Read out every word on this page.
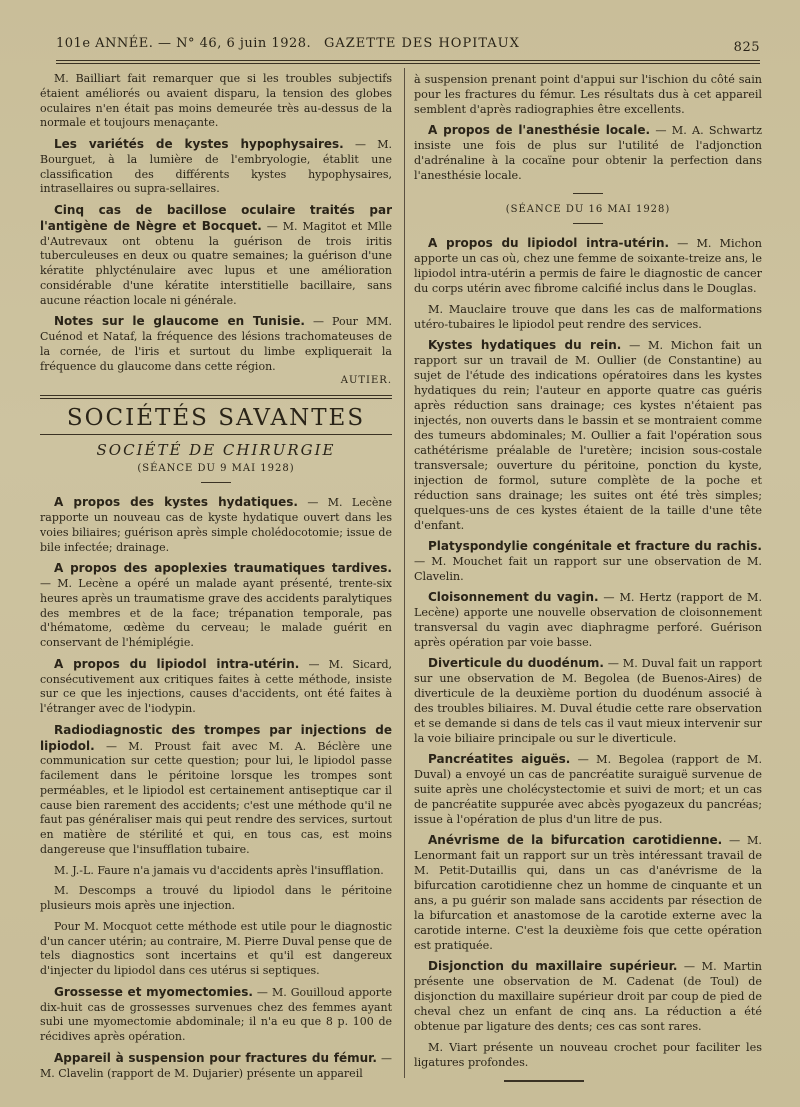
101e ANNÉE. — N° 46, 6 juin 1928. GAZETTE DES HOPITAUX	825

M. Bailliart fait remarquer que si les troubles subjectifs étaient améliorés ou avaient disparu, la tension des globes oculaires n'en était pas moins demeurée très au-dessus de la normale et toujours menaçante.

Les variétés de kystes hypophysaires. — M. Bourguet, à la lumière de l'embryologie, établit une classification des différents kystes hypophysaires, intrasellaires ou supra-sellaires.

Cinq cas de bacillose oculaire traités par l'antigène de Nègre et Bocquet. — M. Magitot et Mlle d'Autrevaux ont obtenu la guérison de trois iritis tuberculeuses en deux ou quatre semaines; la guérison d'une kératite phlycténulaire avec lupus et une amélioration considérable d'une kératite interstitielle bacillaire, sans aucune réaction locale ni générale.

Notes sur le glaucome en Tunisie. — Pour MM. Cuénod et Nataf, la fréquence des lésions trachomateuses de la cornée, de l'iris et surtout du limbe expliquerait la fréquence du glaucome dans cette région.

AUTIER.
SOCIÉTÉS SAVANTES
SOCIÉTÉ DE CHIRURGIE
(SÉANCE DU 9 MAI 1928)

A propos des kystes hydatiques. — M. Lecène rapporte un nouveau cas de kyste hydatique ouvert dans les voies biliaires; guérison après simple cholédocotomie; issue de bile infectée; drainage.

A propos des apoplexies traumatiques tardives. — M. Lecène a opéré un malade ayant présenté, trente-six heures après un traumatisme grave des accidents paralytiques des membres et de la face; trépanation temporale, pas d'hématome, œdème du cerveau; le malade guérit en conservant de l'hémiplégie.

A propos du lipiodol intra-utérin. — M. Sicard, consécutivement aux critiques faites à cette méthode, insiste sur ce que les injections, causes d'accidents, ont été faites à l'étranger avec de l'iodypin.

Radiodiagnostic des trompes par injections de lipiodol. — M. Proust fait avec M. A. Béclère une communication sur cette question; pour lui, le lipiodol passe facilement dans le péritoine lorsque les trompes sont perméables, et le lipiodol est certainement antiseptique car il cause bien rarement des accidents; c'est une méthode qu'il ne faut pas généraliser mais qui peut rendre des services, surtout en matière de stérilité et qui, en tous cas, est moins dangereuse que l'insufflation tubaire.

M. J.-L. Faure n'a jamais vu d'accidents après l'insufflation.

M. Descomps a trouvé du lipiodol dans le péritoine plusieurs mois après une injection.

Pour M. Mocquot cette méthode est utile pour le diagnostic d'un cancer utérin; au contraire, M. Pierre Duval pense que de tels diagnostics sont incertains et qu'il est dangereux d'injecter du lipiodol dans ces utérus si septiques.

Grossesse et myomectomies. — M. Gouilloud apporte dix-huit cas de grossesses survenues chez des femmes ayant subi une myomectomie abdominale; il n'a eu que 8 p. 100 de récidives après opération.

Appareil à suspension pour fractures du fémur. — M. Clavelin (rapport de M. Dujarier) présente un appareil

à suspension prenant point d'appui sur l'ischion du côté sain pour les fractures du fémur. Les résultats dus à cet appareil semblent d'après radiographies être excellents.

A propos de l'anesthésie locale. — M. A. Schwartz insiste une fois de plus sur l'utilité de l'adjonction d'adrénaline à la cocaïne pour obtenir la perfection dans l'anesthésie locale.

(SÉANCE DU 16 MAI 1928)

A propos du lipiodol intra-utérin. — M. Michon apporte un cas où, chez une femme de soixante-treize ans, le lipiodol intra-utérin a permis de faire le diagnostic de cancer du corps utérin avec fibrome calcifié inclus dans le Douglas.

M. Mauclaire trouve que dans les cas de malformations utéro-tubaires le lipiodol peut rendre des services.

Kystes hydatiques du rein. — M. Michon fait un rapport sur un travail de M. Oullier (de Constantine) au sujet de l'étude des indications opératoires dans les kystes hydatiques du rein; l'auteur en apporte quatre cas guéris après réduction sans drainage; ces kystes n'étaient pas injectés, non ouverts dans le bassin et se montraient comme des tumeurs abdominales; M. Oullier a fait l'opération sous cathétérisme préalable de l'uretère; incision sous-costale transversale; ouverture du péritoine, ponction du kyste, injection de formol, suture complète de la poche et réduction sans drainage; les suites ont été très simples; quelques-uns de ces kystes étaient de la taille d'une tête d'enfant.

Platyspondylie congénitale et fracture du rachis. — M. Mouchet fait un rapport sur une observation de M. Clavelin.

Cloisonnement du vagin. — M. Hertz (rapport de M. Lecène) apporte une nouvelle observation de cloisonnement transversal du vagin avec diaphragme perforé. Guérison après opération par voie basse.

Diverticule du duodénum. — M. Duval fait un rapport sur une observation de M. Begolea (de Buenos-Aires) de diverticule de la deuxième portion du duodénum associé à des troubles biliaires. M. Duval étudie cette rare observation et se demande si dans de tels cas il vaut mieux intervenir sur la voie biliaire principale ou sur le diverticule.

Pancréatites aiguës. — M. Begolea (rapport de M. Duval) a envoyé un cas de pancréatite suraiguë survenue de suite après une cholécystectomie et suivi de mort; et un cas de pancréatite suppurée avec abcès pyogazeux du pancréas; issue à l'opération de plus d'un litre de pus.

Anévrisme de la bifurcation carotidienne. — M. Lenormant fait un rapport sur un très intéressant travail de M. Petit-Dutaillis qui, dans un cas d'anévrisme de la bifurcation carotidienne chez un homme de cinquante et un ans, a pu guérir son malade sans accidents par résection de la bifurcation et anastomose de la carotide externe avec la carotide interne. C'est la deuxième fois que cette opération est pratiquée.

Disjonction du maxillaire supérieur. — M. Martin présente une observation de M. Cadenat (de Toul) de disjonction du maxillaire supérieur droit par coup de pied de cheval chez un enfant de cinq ans. La réduction a été obtenue par ligature des dents; ces cas sont rares.

M. Viart présente un nouveau crochet pour faciliter les ligatures profondes.
